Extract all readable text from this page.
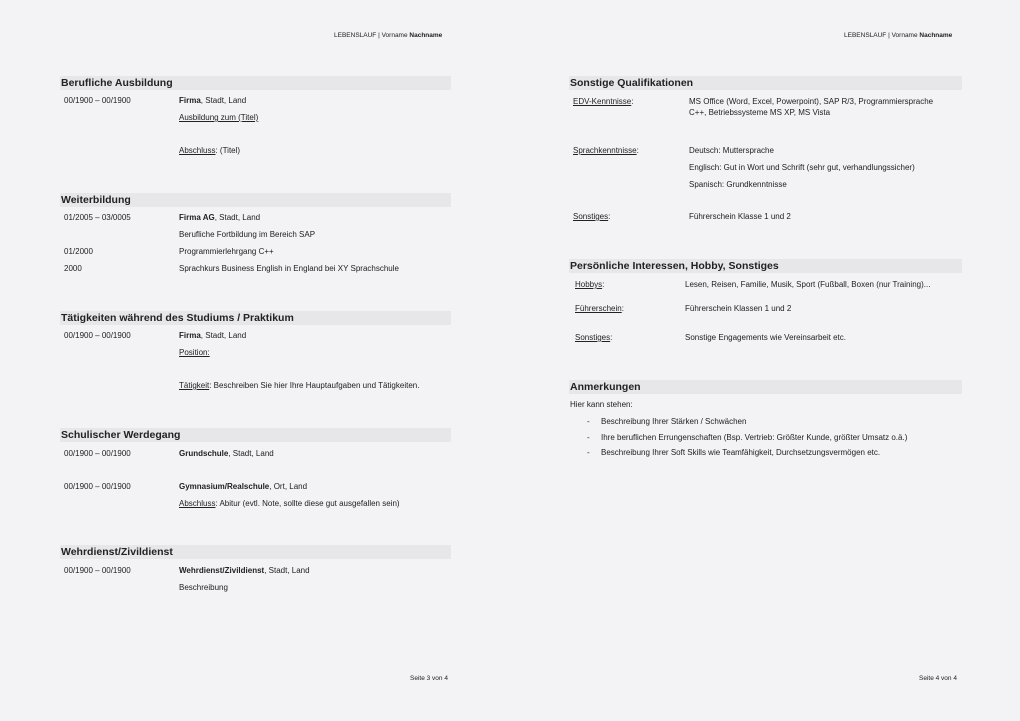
LEBENSLAUF | Vorname Nachname	LEBENSLAUF | Vorname Nachname
Berufliche Ausbildung
00/1900 – 00/1900	Firma, Stadt, Land
Ausbildung zum (Titel)
Abschluss: (Titel)
Weiterbildung
01/2005 – 03/0005	Firma AG, Stadt, Land
Berufliche Fortbildung im Bereich SAP
01/2000	Programmierlehrgang C++
2000	Sprachkurs Business English in England bei XY Sprachschule
Tätigkeiten während des Studiums / Praktikum
00/1900 – 00/1900	Firma, Stadt, Land
Position:
Tätigkeit: Beschreiben Sie hier Ihre Hauptaufgaben und Tätigkeiten.
Schulischer Werdegang
00/1900 – 00/1900	Grundschule, Stadt, Land
00/1900 – 00/1900	Gymnasium/Realschule, Ort, Land
Abschluss: Abitur (evtl. Note, sollte diese gut ausgefallen sein)
Wehrdienst/Zivildienst
00/1900 – 00/1900	Wehrdienst/Zivildienst, Stadt, Land
Beschreibung
Seite 3 von 4
Sonstige Qualifikationen
EDV-Kenntnisse:	MS Office (Word, Excel, Powerpoint), SAP R/3, Programmiersprache
C++, Betriebssysteme MS XP, MS Vista
Sprachkenntnisse:	Deutsch: Muttersprache
Englisch: Gut in Wort und Schrift (sehr gut, verhandlungssicher)
Spanisch: Grundkenntnisse
Sonstiges:	Führerschein Klasse 1 und 2
Persönliche Interessen, Hobby, Sonstiges
Hobbys:	Lesen, Reisen, Familie, Musik, Sport (Fußball, Boxen (nur Training)...
Führerschein:	Führerschein Klassen 1 und 2
Sonstiges:	Sonstige Engagements wie Vereinsarbeit etc.
Anmerkungen
Hier kann stehen:
- Beschreibung Ihrer Stärken / Schwächen
- Ihre beruflichen Errungenschaften (Bsp. Vertrieb: Größter Kunde, größter Umsatz o.ä.)
- Beschreibung Ihrer Soft Skills wie Teamfähigkeit, Durchsetzungsvermögen etc.
Seite 4 von 4
